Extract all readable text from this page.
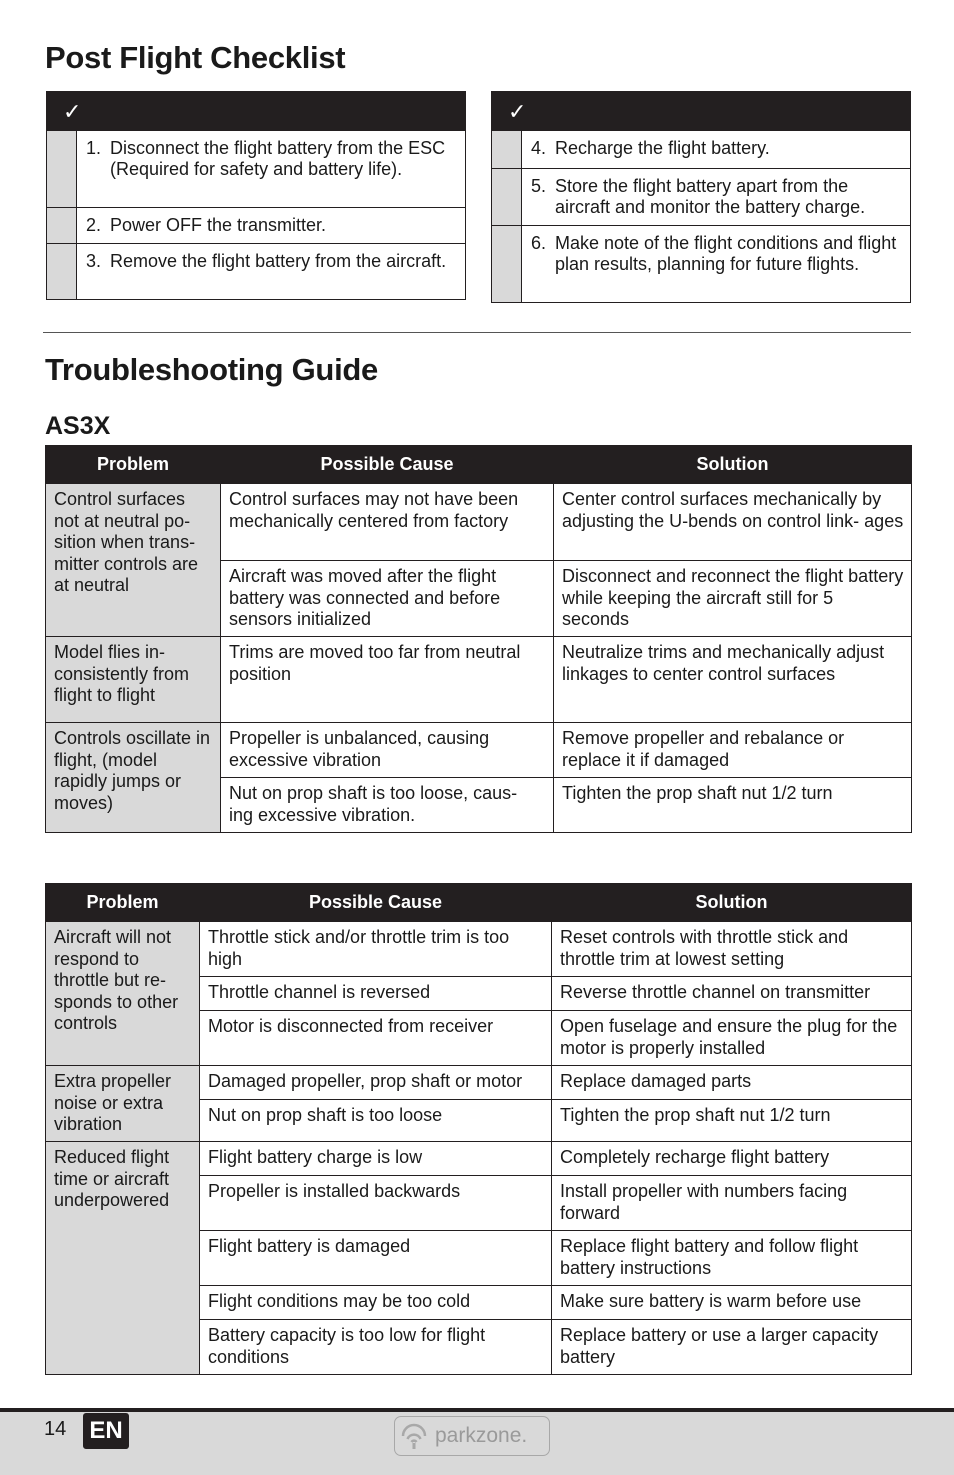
Post Flight Checklist
✓	

	1. Disconnect the flight battery from the ESC (Required for safety and battery life).

	2. Power OFF the transmitter.

	3. Remove the flight battery from the aircraft.
✓	

	4. Recharge the flight battery.

	5. Store the flight battery apart from the aircraft and monitor the battery charge.

	6. Make note of the flight conditions and flight plan results, planning for future flights.
Troubleshooting Guide
AS3X
Problem	Possible Cause	Solution
Control surfaces not at neutral po- sition when trans- mitter controls are at neutral	Control surfaces may not have been mechanically centered from factory	Center control surfaces mechanically by adjusting the U-bends on control link- ages
	Aircraft was moved after the flight battery was connected and before sensors initialized	Disconnect and reconnect the flight battery while keeping the aircraft still for 5 seconds
Model flies in- consistently from flight to flight	Trims are moved too far from neutral position	Neutralize trims and mechanically adjust linkages to center control surfaces
Controls oscillate in flight, (model rapidly jumps or moves)	Propeller is unbalanced, causing excessive vibration	Remove propeller and rebalance or replace it if damaged
	Nut on prop shaft is too loose, caus- ing excessive vibration.	Tighten the prop shaft nut 1/2 turn
Problem	Possible Cause	Solution
Aircraft will not respond to throttle but re- sponds to other controls	Throttle stick and/or throttle trim is too high	Reset controls with throttle stick and throttle trim at lowest setting
	Throttle channel is reversed	Reverse throttle channel on transmitter
	Motor is disconnected from receiver	Open fuselage and ensure the plug for the motor is properly installed
Extra propeller noise or extra vibration	Damaged propeller, prop shaft or motor	Replace damaged parts
	Nut on prop shaft is too loose	Tighten the prop shaft nut 1/2 turn
Reduced flight time or aircraft underpowered	Flight battery charge is low	Completely recharge flight battery
	Propeller is installed backwards	Install propeller with numbers facing forward
	Flight battery is damaged	Replace flight battery and follow flight battery instructions
	Flight conditions may be too cold	Make sure battery is warm before use
	Battery capacity is too low for flight conditions	Replace battery or use a larger capacity battery
14 EN	parkzone.
